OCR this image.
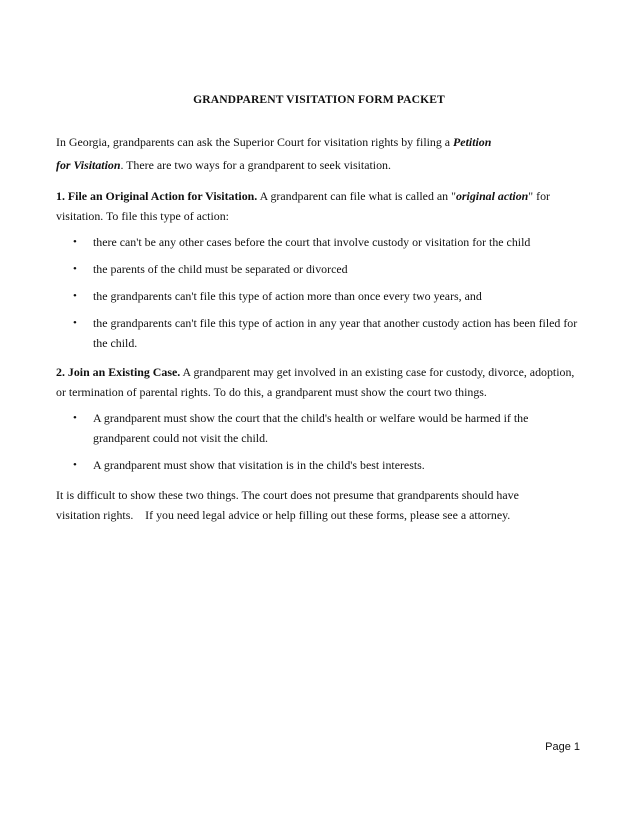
GRANDPARENT VISITATION FORM PACKET

In Georgia, grandparents can ask the Superior Court for visitation rights by filing a Petition
for Visitation. There are two ways for a grandparent to seek visitation.

1. File an Original Action for Visitation. A grandparent can file what is called an "original action" for visitation. To file this type of action:

• there can't be any other cases before the court that involve custody or visitation for the child
• the parents of the child must be separated or divorced
• the grandparents can't file this type of action more than once every two years, and
• the grandparents can't file this type of action in any year that another custody action has been filed for the child.

2. Join an Existing Case. A grandparent may get involved in an existing case for custody, divorce, adoption, or termination of parental rights. To do this, a grandparent must show the court two things.

• A grandparent must show the court that the child's health or welfare would be harmed if the grandparent could not visit the child.
• A grandparent must show that visitation is in the child's best interests.

It is difficult to show these two things. The court does not presume that grandparents should have
visitation rights.    If you need legal advice or help filling out these forms, please see a attorney.

Page 1
